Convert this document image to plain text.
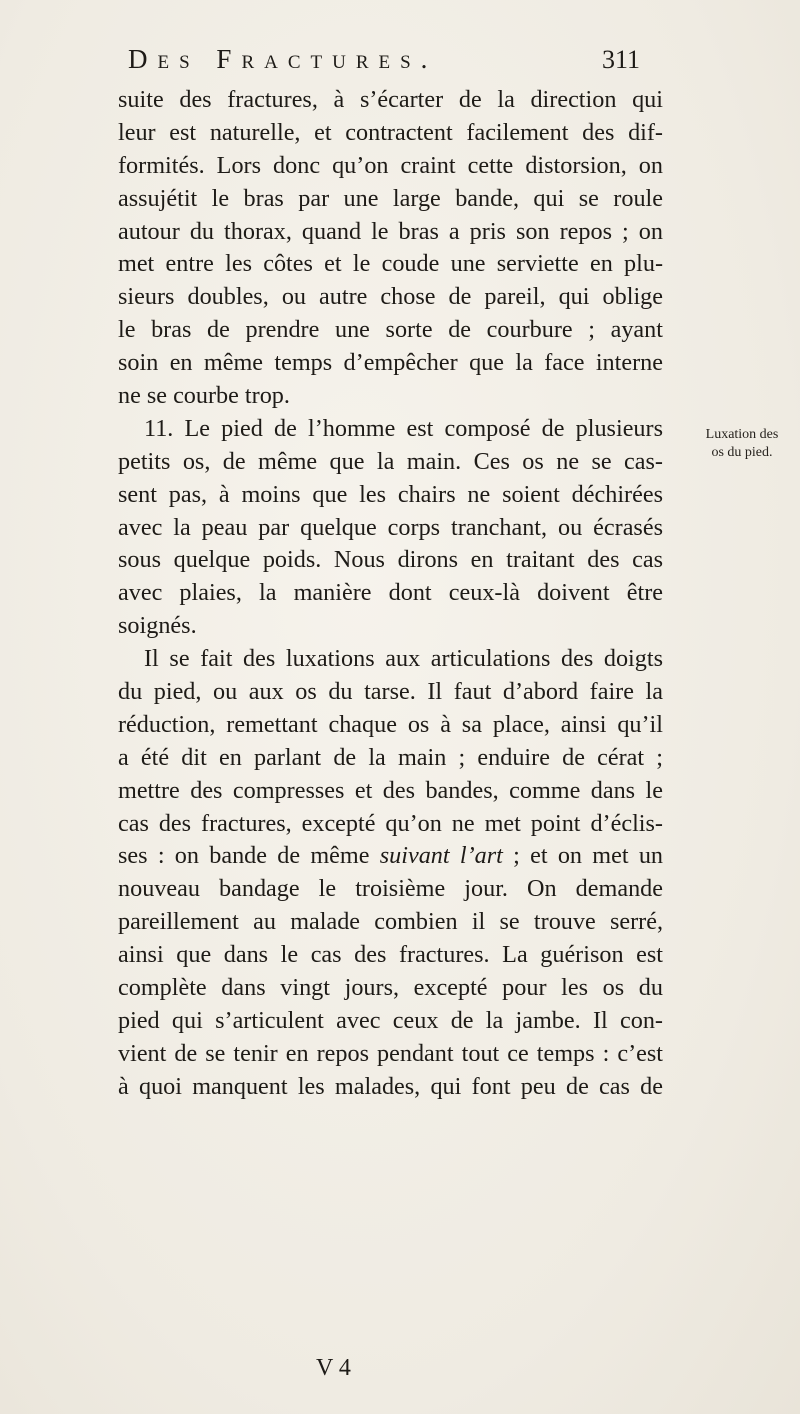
Des Fractures.	311
suite des fractures, à s’écarter de la direction qui
leur est naturelle, et contractent facilement des dif-
formités. Lors donc qu’on craint cette distorsion, on
assujétit le bras par une large bande, qui se roule
autour du thorax, quand le bras a pris son repos ; on
met entre les côtes et le coude une serviette en plu-
sieurs doubles, ou autre chose de pareil, qui oblige
le bras de prendre une sorte de courbure ; ayant
soin en même temps d’empêcher que la face interne
ne se courbe trop.
11. Le pied de l’homme est composé de plusieurs
petits os, de même que la main. Ces os ne se cas-
sent pas, à moins que les chairs ne soient déchirées
avec la peau par quelque corps tranchant, ou écrasés
sous quelque poids. Nous dirons en traitant des cas
avec plaies, la manière dont ceux-là doivent être
soignés.
Il se fait des luxations aux articulations des doigts
du pied, ou aux os du tarse. Il faut d’abord faire la
réduction, remettant chaque os à sa place, ainsi qu’il
a été dit en parlant de la main ; enduire de cérat ;
mettre des compresses et des bandes, comme dans le
cas des fractures, excepté qu’on ne met point d’éclis-
ses : on bande de même suivant l’art ; et on met un
nouveau bandage le troisième jour. On demande
pareillement au malade combien il se trouve serré,
ainsi que dans le cas des fractures. La guérison est
complète dans vingt jours, excepté pour les os du
pied qui s’articulent avec ceux de la jambe. Il con-
vient de se tenir en repos pendant tout ce temps : c’est
à quoi manquent les malades, qui font peu de cas de
Luxation des
os du pied.
V 4
